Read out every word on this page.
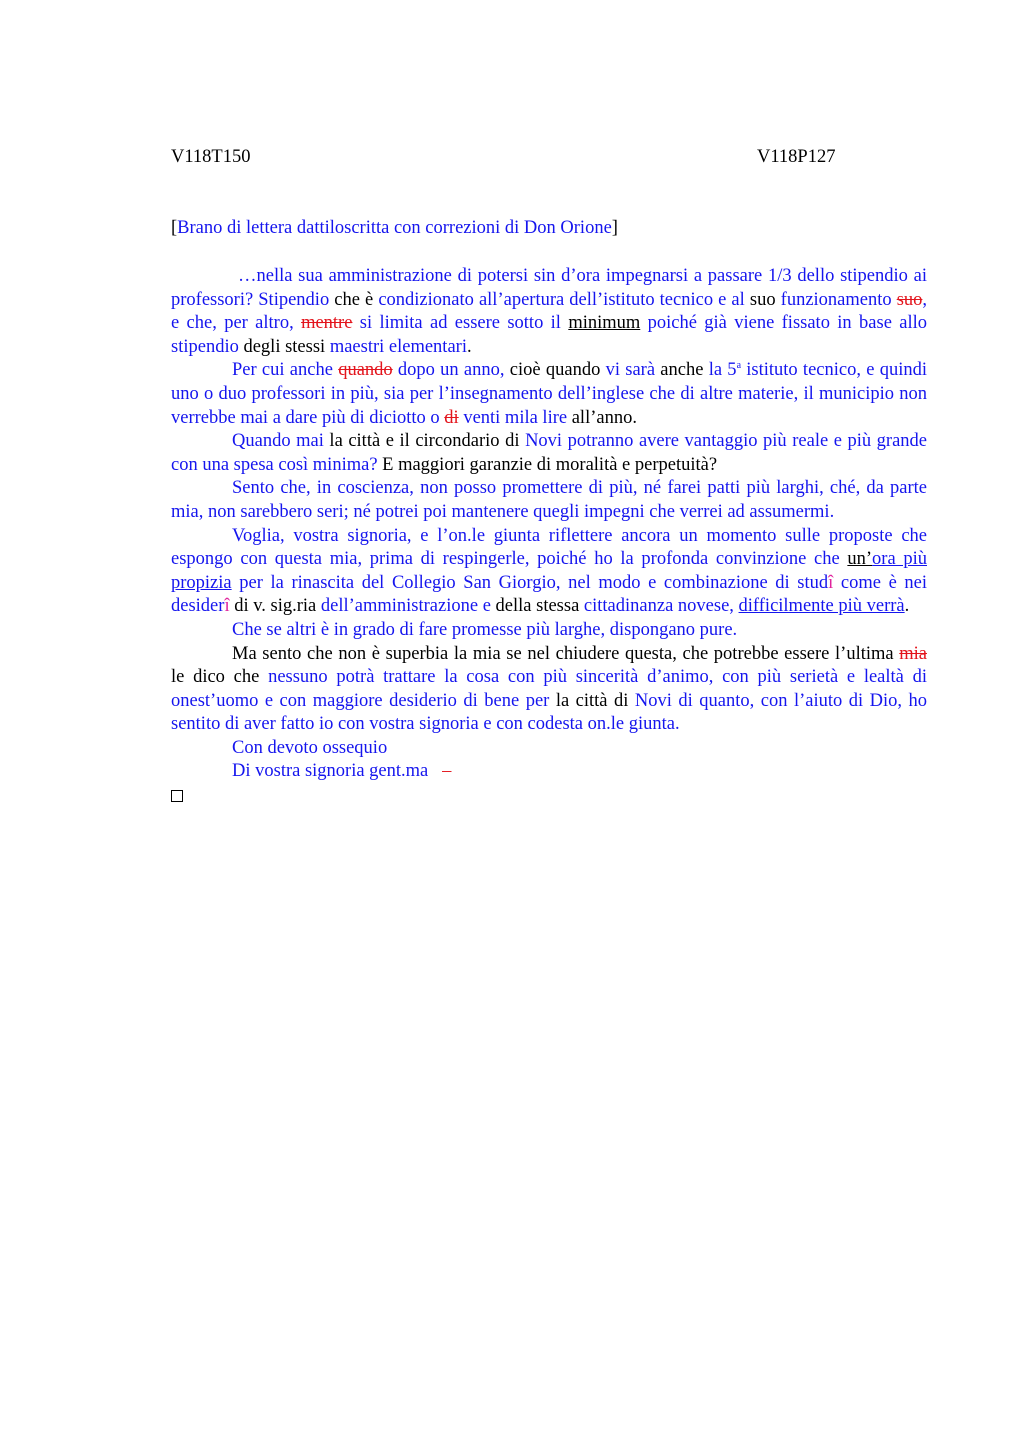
V118T150	V118P127
[Brano di lettera dattiloscritta con correzioni di Don Orione]

…nella sua amministrazione di potersi sin d’ora impegnarsi a passare 1/3 dello stipendio ai professori? Stipendio che è condizionato all’apertura dell’istituto tecnico e al suo funzionamento suo, e che, per altro, mentre si limita ad essere sotto il minimum poiché già viene fissato in base allo stipendio degli stessi maestri elementari.

Per cui anche quando dopo un anno, cioè quando vi sarà anche la 5$^a$ istituto tecnico, e quindi uno o duo professori in più, sia per l’insegnamento dell’inglese che di altre materie, il municipio non verrebbe mai a dare più di diciotto o di venti mila lire all’anno.

Quando mai la città e il circondario di Novi potranno avere vantaggio più reale e più grande con una spesa così minima? E maggiori garanzie di moralità e perpetuità?

Sento che, in coscienza, non posso promettere di più, né farei patti più larghi, ché, da parte mia, non sarebbero seri; né potrei poi mantenere quegli impegni che verrei ad assumermi.

Voglia, vostra signoria, e l’on.le giunta riflettere ancora un momento sulle proposte che espongo con questa mia, prima di respingerle, poiché ho la profonda convinzione che un’ora più propizia per la rinascita del Collegio San Giorgio, nel modo e combinazione di studî come è nei desiderî di v. sig.ria dell’amministrazione e della stessa cittadinanza novese, difficilmente più verrà.

Che se altri è in grado di fare promesse più larghe, dispongano pure.

Ma sento che non è superbia la mia se nel chiudere questa, che potrebbe essere l’ultima mia le dico che nessuno potrà trattare la cosa con più sincerità d’animo, con più serietà e lealtà di onest’uomo e con maggiore desiderio di bene per la città di Novi di quanto, con l’aiuto di Dio, ho sentito di aver fatto io con vostra signoria e con codesta on.le giunta.

Con devoto ossequio
Di vostra signoria gent.ma –
